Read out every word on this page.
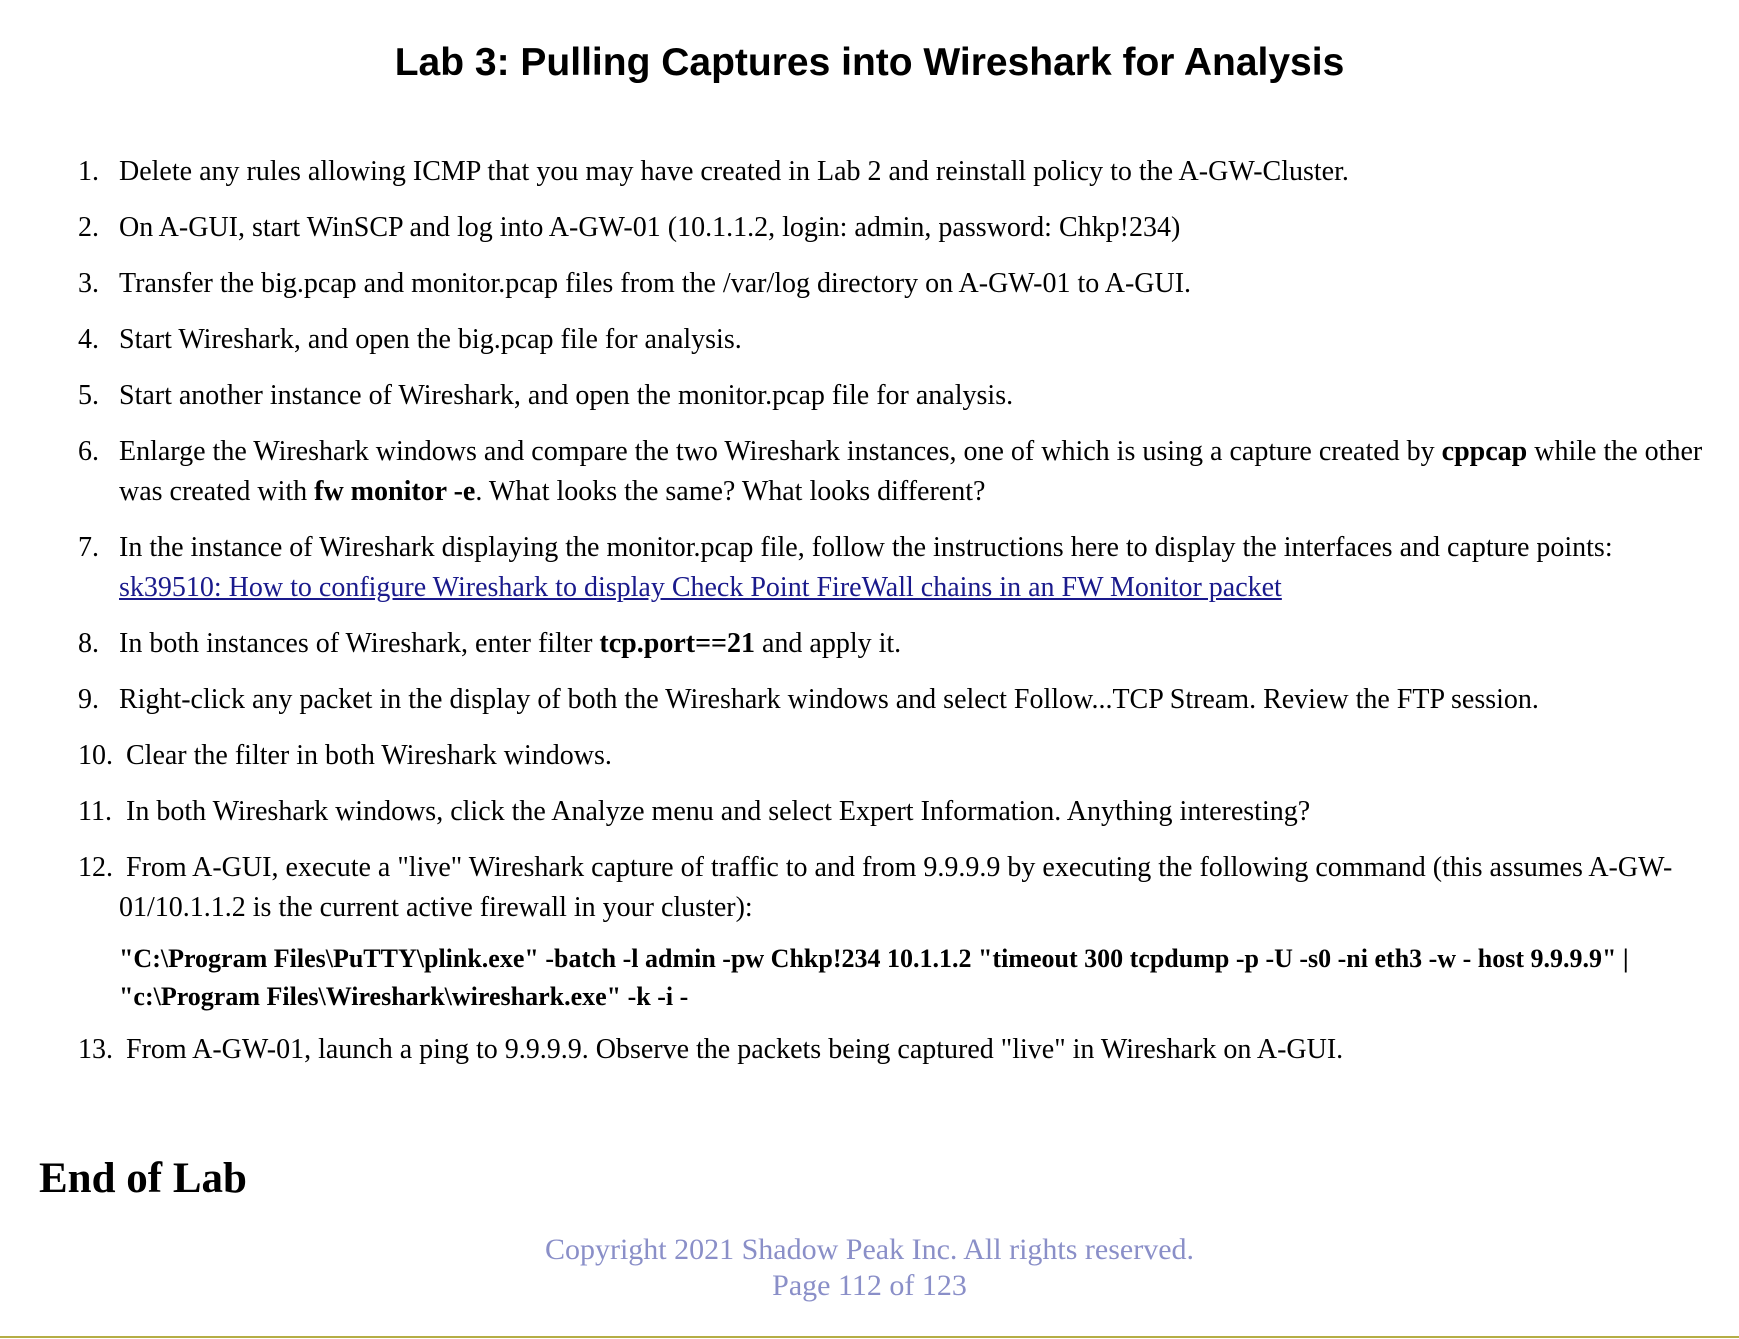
Lab 3: Pulling Captures into Wireshark for Analysis
1. Delete any rules allowing ICMP that you may have created in Lab 2 and reinstall policy to the A-GW-Cluster.
2. On A-GUI, start WinSCP and log into A-GW-01 (10.1.1.2, login: admin, password: Chkp!234)
3. Transfer the big.pcap and monitor.pcap files from the /var/log directory on A-GW-01 to A-GUI.
4. Start Wireshark, and open the big.pcap file for analysis.
5. Start another instance of Wireshark, and open the monitor.pcap file for analysis.
6. Enlarge the Wireshark windows and compare the two Wireshark instances, one of which is using a capture created by cppcap while the other was created with fw monitor -e. What looks the same? What looks different?
7. In the instance of Wireshark displaying the monitor.pcap file, follow the instructions here to display the interfaces and capture points: sk39510: How to configure Wireshark to display Check Point FireWall chains in an FW Monitor packet
8. In both instances of Wireshark, enter filter tcp.port==21 and apply it.
9. Right-click any packet in the display of both the Wireshark windows and select Follow...TCP Stream. Review the FTP session.
10. Clear the filter in both Wireshark windows.
11. In both Wireshark windows, click the Analyze menu and select Expert Information. Anything interesting?
12. From A-GUI, execute a "live" Wireshark capture of traffic to and from 9.9.9.9 by executing the following command (this assumes A-GW-01/10.1.1.2 is the current active firewall in your cluster):
"C:\Program Files\PuTTY\plink.exe" -batch -l admin -pw Chkp!234 10.1.1.2 "timeout 300 tcpdump -p -U -s0 -ni eth3 -w - host 9.9.9.9" | "c:\Program Files\Wireshark\wireshark.exe" -k -i -
13. From A-GW-01, launch a ping to 9.9.9.9. Observe the packets being captured "live" in Wireshark on A-GUI.
End of Lab
Copyright 2021 Shadow Peak Inc. All rights reserved.
Page 112 of 123
